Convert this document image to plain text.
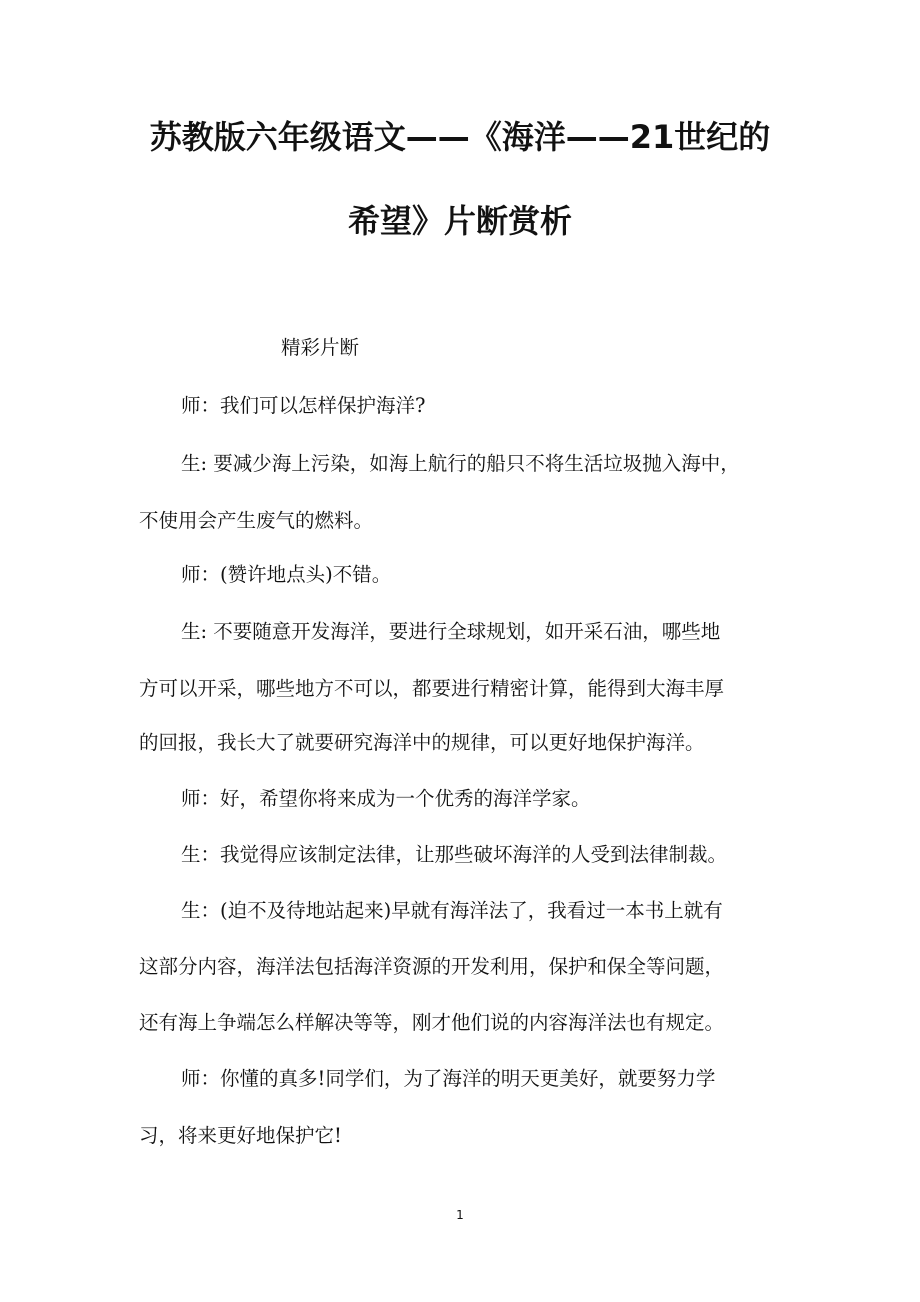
苏教版六年级语文——《海洋——21世纪的
希望》片断赏析
精彩片断
师：我们可以怎样保护海洋?
生: 要减少海上污染，如海上航行的船只不将生活垃圾抛入海中，
不使用会产生废气的燃料。
师：(赞许地点头)不错。
生: 不要随意开发海洋，要进行全球规划，如开采石油，哪些地
方可以开采，哪些地方不可以，都要进行精密计算，能得到大海丰厚
的回报，我长大了就要研究海洋中的规律，可以更好地保护海洋。
师：好，希望你将来成为一个优秀的海洋学家。
生：我觉得应该制定法律，让那些破坏海洋的人受到法律制裁。
生：(迫不及待地站起来)早就有海洋法了，我看过一本书上就有
这部分内容，海洋法包括海洋资源的开发利用，保护和保全等问题，
还有海上争端怎么样解决等等，刚才他们说的内容海洋法也有规定。
师：你懂的真多!同学们，为了海洋的明天更美好，就要努力学
习，将来更好地保护它!
1
